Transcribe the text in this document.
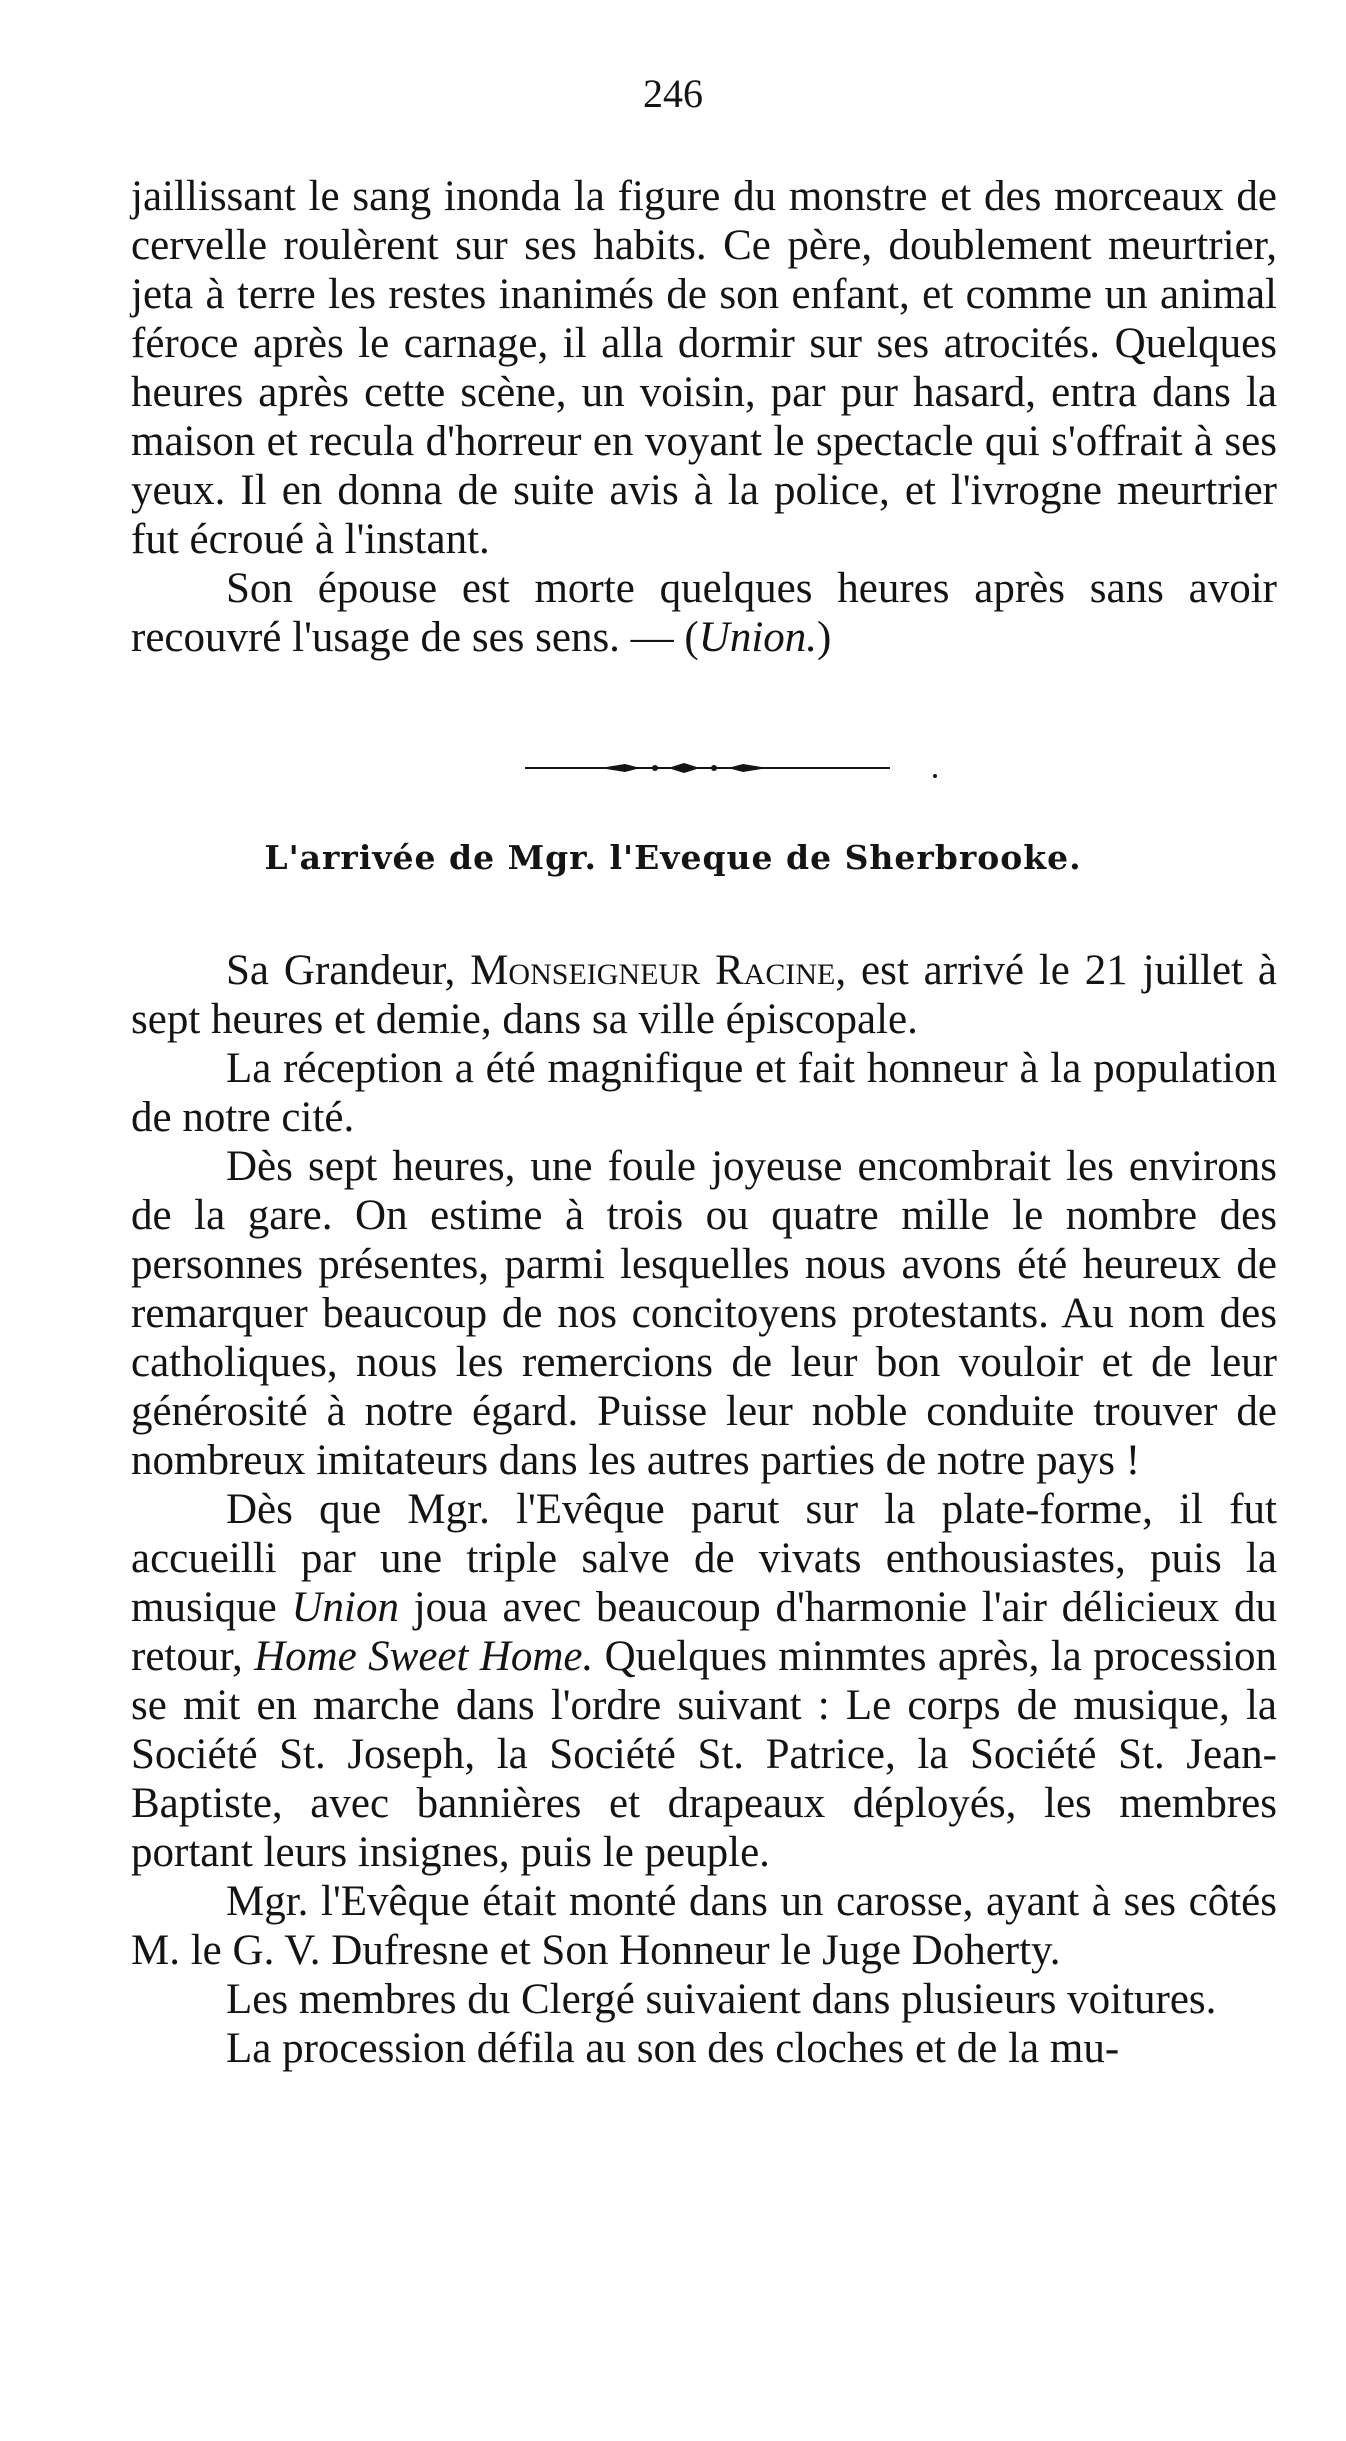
246

jaillissant le sang inonda la figure du monstre et des morceaux de cervelle roulèrent sur ses habits. Ce père, doublement meurtrier, jeta à terre les restes inanimés de son enfant, et comme un animal féroce après le carnage, il alla dormir sur ses atrocités. Quelques heures après cette scène, un voisin, par pur hasard, entra dans la maison et recula d'horreur en voyant le spectacle qui s'offrait à ses yeux. Il en donna de suite avis à la police, et l'ivrogne meurtrier fut écroué à l'instant.

Son épouse est morte quelques heures après sans avoir recouvré l'usage de ses sens. — (Union.)

L'arrivée de Mgr. l'Eveque de Sherbrooke.

Sa Grandeur, Monseigneur Racine, est arrivé le 21 juillet à sept heures et demie, dans sa ville épiscopale.

La réception a été magnifique et fait honneur à la population de notre cité.

Dès sept heures, une foule joyeuse encombrait les environs de la gare. On estime à trois ou quatre mille le nombre des personnes présentes, parmi lesquelles nous avons été heureux de remarquer beaucoup de nos concitoyens protestants. Au nom des catholiques, nous les remercions de leur bon vouloir et de leur générosité à notre égard. Puisse leur noble conduite trouver de nombreux imitateurs dans les autres parties de notre pays !

Dès que Mgr. l'Evêque parut sur la plate-forme, il fut accueilli par une triple salve de vivats enthousiastes, puis la musique Union joua avec beaucoup d'harmonie l'air délicieux du retour, Home Sweet Home. Quelques minmtes après, la procession se mit en marche dans l'ordre suivant : Le corps de musique, la Société St. Joseph, la Société St. Patrice, la Société St. Jean-Baptiste, avec bannières et drapeaux déployés, les membres portant leurs insignes, puis le peuple.

Mgr. l'Evêque était monté dans un carosse, ayant à ses côtés M. le G. V. Dufresne et Son Honneur le Juge Doherty.

Les membres du Clergé suivaient dans plusieurs voitures.

La procession défila au son des cloches et de la mu-
